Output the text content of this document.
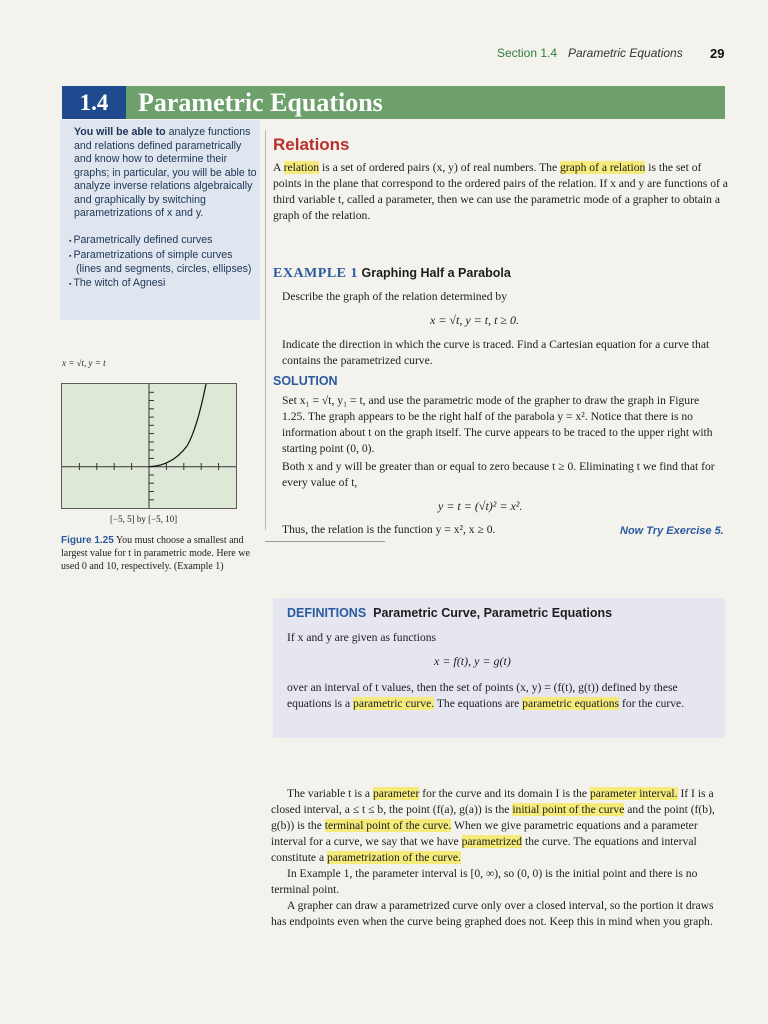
Section 1.4 Parametric Equations 29
1.4	Parametric Equations
You will be able to analyze functions and relations defined parametrically and know how to determine their graphs; in particular, you will be able to analyze inverse relations algebraically and graphically by switching parametrizations of x and y.
▪ Parametrically defined curves
▪ Parametrizations of simple curves (lines and segments, circles, ellipses)
▪ The witch of Agnesi
x = √t, y = t
[−5, 5] by [−5, 10]
Figure 1.25 You must choose a smallest and largest value for t in parametric mode. Here we used 0 and 10, respectively. (Example 1)
Relations
A relation is a set of ordered pairs (x, y) of real numbers. The graph of a relation is the set of points in the plane that correspond to the ordered pairs of the relation. If x and y are functions of a third variable t, called a parameter, then we can use the parametric mode of a grapher to obtain a graph of the relation.
EXAMPLE 1 Graphing Half a Parabola
Describe the graph of the relation determined by
x = √t, y = t, t ≥ 0.
Indicate the direction in which the curve is traced. Find a Cartesian equation for a curve that contains the parametrized curve.
SOLUTION
Set x₁ = √t, y₁ = t, and use the parametric mode of the grapher to draw the graph in Figure 1.25. The graph appears to be the right half of the parabola y = x². Notice that there is no information about t on the graph itself. The curve appears to be traced to the upper right with starting point (0, 0).
Both x and y will be greater than or equal to zero because t ≥ 0. Eliminating t we find that for every value of t,
y = t = (√t)² = x².
Thus, the relation is the function y = x², x ≥ 0.	Now Try Exercise 5.
DEFINITIONS Parametric Curve, Parametric Equations
If x and y are given as functions
x = f(t), y = g(t)
over an interval of t values, then the set of points (x, y) = (f(t), g(t)) defined by these equations is a parametric curve. The equations are parametric equations for the curve.
The variable t is a parameter for the curve and its domain I is the parameter interval. If I is a closed interval, a ≤ t ≤ b, the point (f(a), g(a)) is the initial point of the curve and the point (f(b), g(b)) is the terminal point of the curve. When we give parametric equations and a parameter interval for a curve, we say that we have parametrized the curve. The equations and interval constitute a parametrization of the curve.
In Example 1, the parameter interval is [0, ∞), so (0, 0) is the initial point and there is no terminal point.
A grapher can draw a parametrized curve only over a closed interval, so the portion it draws has endpoints even when the curve being graphed does not. Keep this in mind when you graph.
